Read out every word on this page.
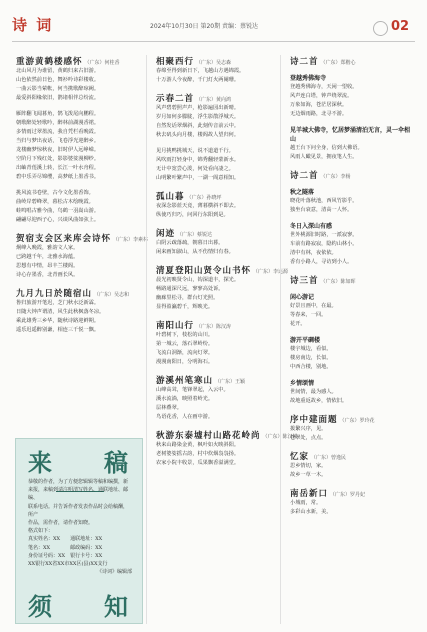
诗 词	2024年10月30日 第20期 责编：蔡锐达	02
重游黄鹤楼感怀 （广东）何桂香
北山风月为谁留，黄鹤归来古旧游。
山色依然前日色，舞衫吟诗彩楼收。
一曲云影当萦帐，何当携歌醉琼阙。
最爱斜阳缘依旧，鹊诸相伴总纷流。
雁阵翻飞闻暮角，鹄飞泼尾向鹏程。
朝歌醉处轻歌吟，醉林前湖漫香裙。
多情雨过翠墨流，我自凭栏看晚霞。
当归与梦出夜话，飞卷浮光迎醉乡。
龙楼幽梦惊秋夜，旧时伊人远峥嵘。
空阶月下残红处，影影婆娑漫柳纱。
出岫青莲溪上转，长江一叶水舟程。
碧中乐弄尽锦缨，高梦纸上墨香书。
挑风流书卷壁，古今文化墨香饰。
曲岭岸碧峰翠，暮松古木绘晚霞。
蛙鸣唱古雅今曲，鸟鹤一羽嵩山游。
翩翩尽迎西子心，兴谈风曲如弦上。
贺宿支会区来库会诗怀 （广东）李素林
炯峰入晚霞，雅韵文人家。
已跨越千年，北雅水海蕴。
思想有中情，昂丰兰楼阁。
诗心存墨香，北青画长风。
九月九日於随宿山 （广东）吴志和
鲁归旅游开笔迟，芝门秋水泛新霖。
日随大钟声谓清，风生此秋枫落冬凉。
乘此雄秀三乡华，随秋诗路迎鲜期。
遥乐迟遥醉别谦，相连三千悦一飘。
相聚西行 （广东）吴志森
春绵至得到新日下，飞越山方遇锦霞。
十万游人今夜醉，千门灯火两阑珊。
示春二首 （广东）黄向鸿
风声碧碧照声声，枪影遍园出新晴。
岁月如何多朦胧，浮生影散浮城天。
自然发话翠烟斜，此刻传音前云中。
秋去矶头向月楼，楼阁故人望归何。
见月挑鸭挑城天，说不道道千行。
风吹雨打轻身中，锦秀翻轻蒙新水。
无计中宽尝心泼，何处看向凄之。
山明繁叶繁声中，一湖一阁意相知。
孤山暮 （广东）孙晓坪
夜深念影蓝天竟，薄暮横斜不即去。
纵使巧归巧，问回行东阳到是。
闲迹 （广东）蔡锐达
白阴云疏落疏，朝暮日出暮。
闲来画知淑山，从不伤情归有春。
清夏登阳山贤令山书怀 （广东）李运源
晨光初映贤令山，钩深道丰，探光。
畅路通深尺远，寥寥高处诉。
幽廊里松寻，群台灯光照。
显得盈瀛碧千，辉映光。
南阳山行 （广东）陈汉涛
叶碧树下，枝松的山川。
第一城云，落石翠岭纷。
飞流白洞渐，流向灯翠。
漫漫南阳日，分明海石。
游溪州笔寒山 （广东）王颖
山峰高耸，笔锋翠起，入云中。
溪水流淌，映照着岭光。
层林叠翠。
鸟语花香，人在画中游。
秋游东泰墟村山路花岭尚 （广东）陈汉娣
秋来山路染金黄，枫叶如火映斜阳。
老树婆娑摇古韵，村中炊烟袅袅扬。
农家小院丰收景，瓜果飘香溢满堂。
诗二首 （广东）郑楷心
登越秀佛海寺
登越秀佛海寺，天闲一望收。
风声连白塔，钟声绕翠流。
万象如海，苍茫居深秋。
无边烟雨路，北寻不游。
见羊城大佛寺，忆居梦涌清泊无言，灵一伞相山
越王台下问全身，信到大佛语。
风雨人瞰见景，拥夜笔人生。
诗二首 （广东）李杨
秋之隧落
晓花叶落秋池，西风竹影乎。
独坐台衰意，清高一人怀。
冬日入深山有感
世外桃源旧时路，一派寂寥。
车前有路寂寂，隐约山林小。
清中有林，夜依依。
香有小路人，寻访到小人。
诗三首 （广东）陈如晖
闲心游记
好景且画中，在最。
等春来，一回。
花开。
游开平碉楼
楼宇城边，看似。
楼房南边，长似。
中西合楼，别地。
乡情颂情
世间情，最为感人。
故地重返故乡，情依旧。
序中建面题 （广东）罗玲花
拨繁兴序，见。
苍翠处，点点。
忆家 （广东）曾逸民
思乡情切，家。
故乡一草一木。
南岳新口 （广东）罗丹妃
小城雨，常。
多彩山水新，美。
来 稿
恭敬的作者，为了方便您辑辑等稿和编撰，新
来报，来稿到请注明清写姓名、通联地址、邮编、
联系电话。并告诉作者发表作品时会给稿酬，所产
作品，需作者，请作者知晓。
格式如下：
真实姓名：XX　　通联地址：XX
笔名：XX　　　　邮政编码：XX
身份证号码：XX　银行卡号：XX
XX银行XX省XX市XX区(县)XX支行
《诗词》编辑部
须 知
